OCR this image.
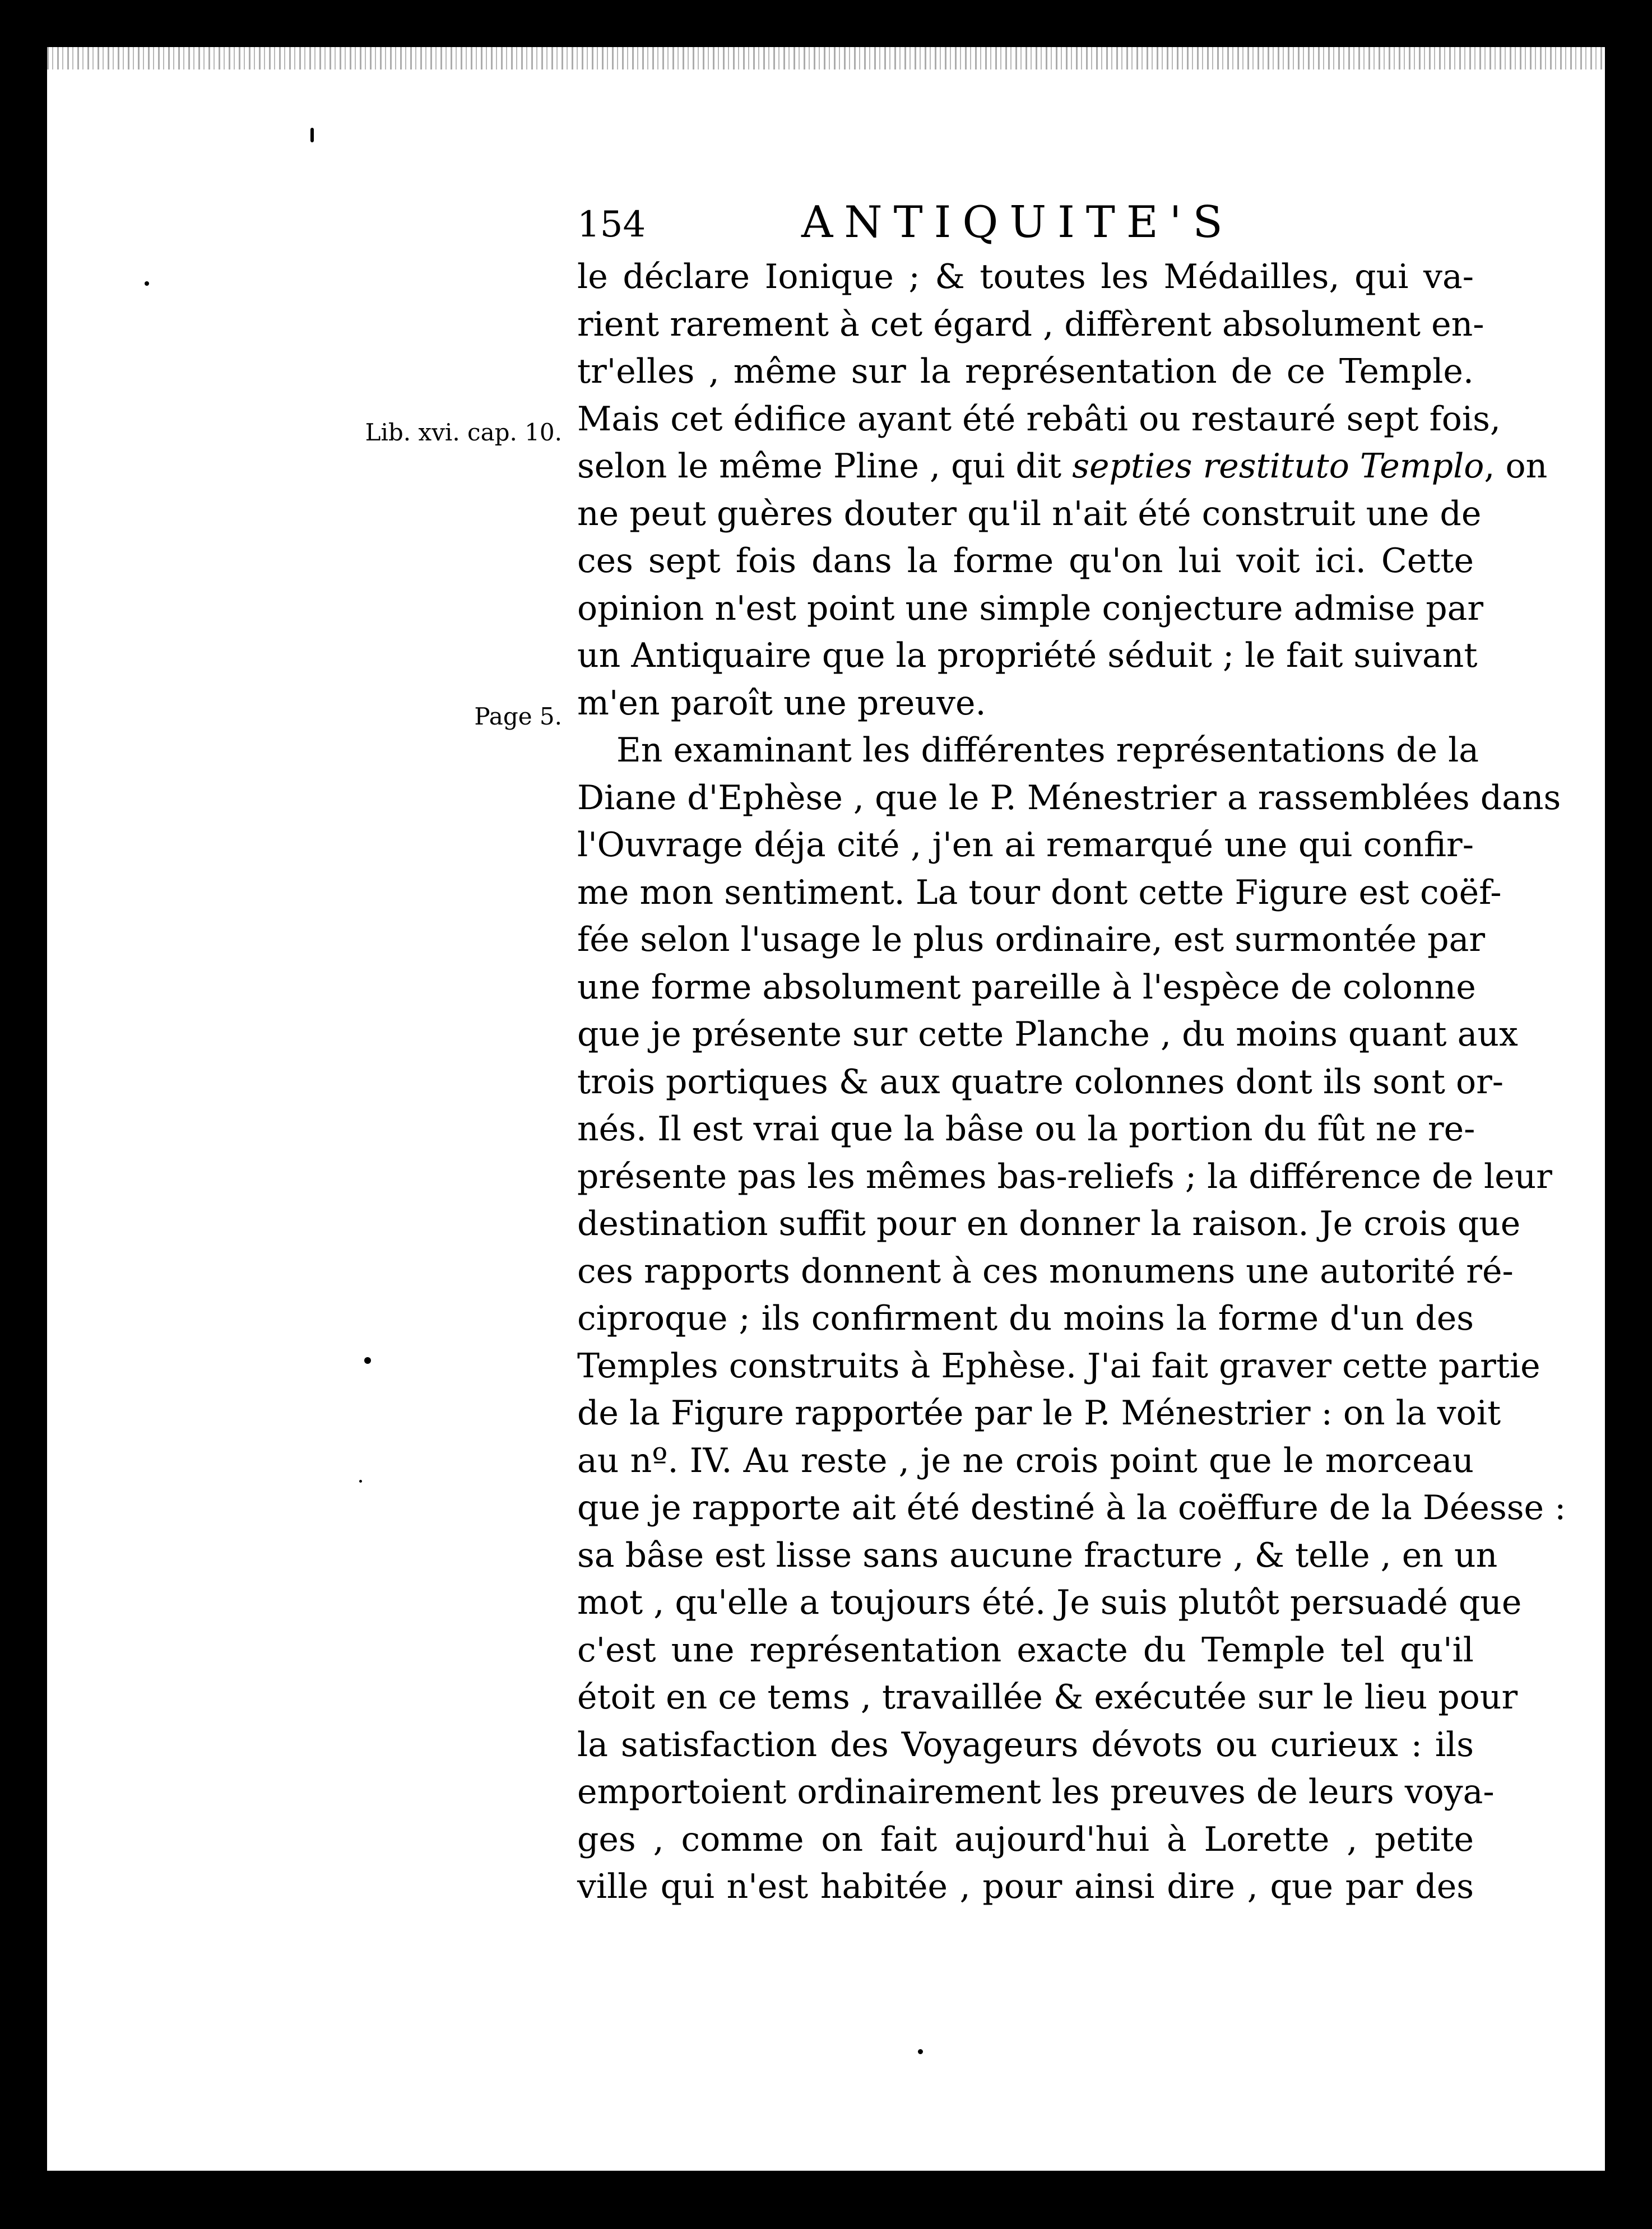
154	ANTIQUITE'S
Lib. xvi. cap. 10.
Page 5.
le déclare Ionique ; & toutes les Médailles, qui va-
rient rarement à cet égard , diffèrent absolument en-
tr'elles , même sur la représentation de ce Temple.
Mais cet édifice ayant été rebâti ou restauré sept fois,
selon le même Pline , qui dit septies restituto Templo, on
ne peut guères douter qu'il n'ait été construit une de
ces sept fois dans la forme qu'on lui voit ici. Cette
opinion n'est point une simple conjecture admise par
un Antiquaire que la propriété séduit ; le fait suivant
m'en paroît une preuve.
En examinant les différentes représentations de la
Diane d'Ephèse , que le P. Ménestrier a rassemblées dans
l'Ouvrage déja cité , j'en ai remarqué une qui confir-
me mon sentiment. La tour dont cette Figure est coëf-
fée selon l'usage le plus ordinaire, est surmontée par
une forme absolument pareille à l'espèce de colonne
que je présente sur cette Planche , du moins quant aux
trois portiques & aux quatre colonnes dont ils sont or-
nés. Il est vrai que la bâse ou la portion du fût ne re-
présente pas les mêmes bas-reliefs ; la différence de leur
destination suffit pour en donner la raison. Je crois que
ces rapports donnent à ces monumens une autorité ré-
ciproque ; ils confirment du moins la forme d'un des
Temples construits à Ephèse. J'ai fait graver cette partie
de la Figure rapportée par le P. Ménestrier : on la voit
au nº. IV. Au reste , je ne crois point que le morceau
que je rapporte ait été destiné à la coëffure de la Déesse :
sa bâse est lisse sans aucune fracture , & telle , en un
mot , qu'elle a toujours été. Je suis plutôt persuadé que
c'est une représentation exacte du Temple tel qu'il
étoit en ce tems , travaillée & exécutée sur le lieu pour
la satisfaction des Voyageurs dévots ou curieux : ils
emportoient ordinairement les preuves de leurs voya-
ges , comme on fait aujourd'hui à Lorette , petite
ville qui n'est habitée , pour ainsi dire , que par des
